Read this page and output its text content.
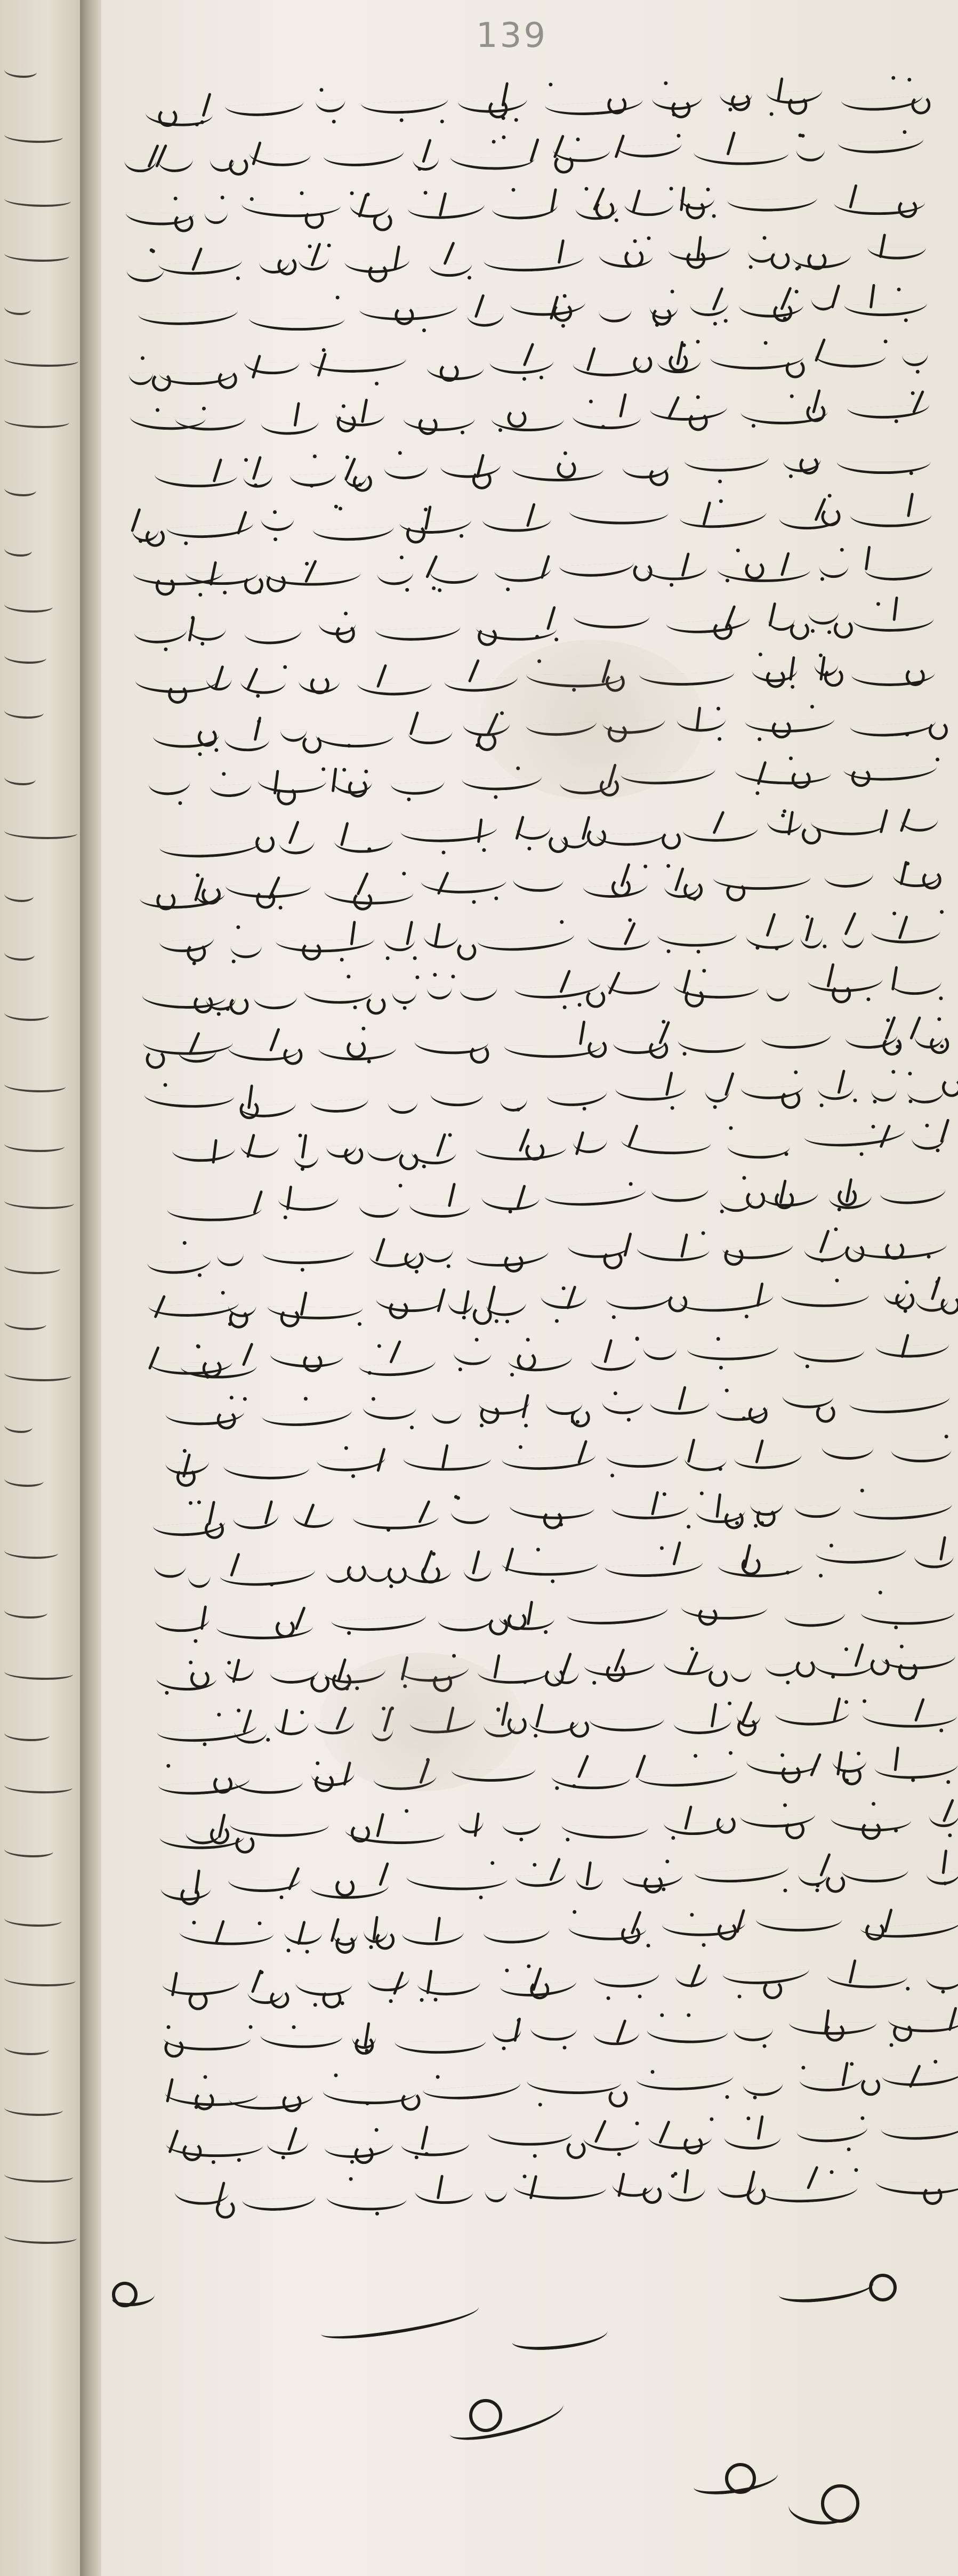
139
